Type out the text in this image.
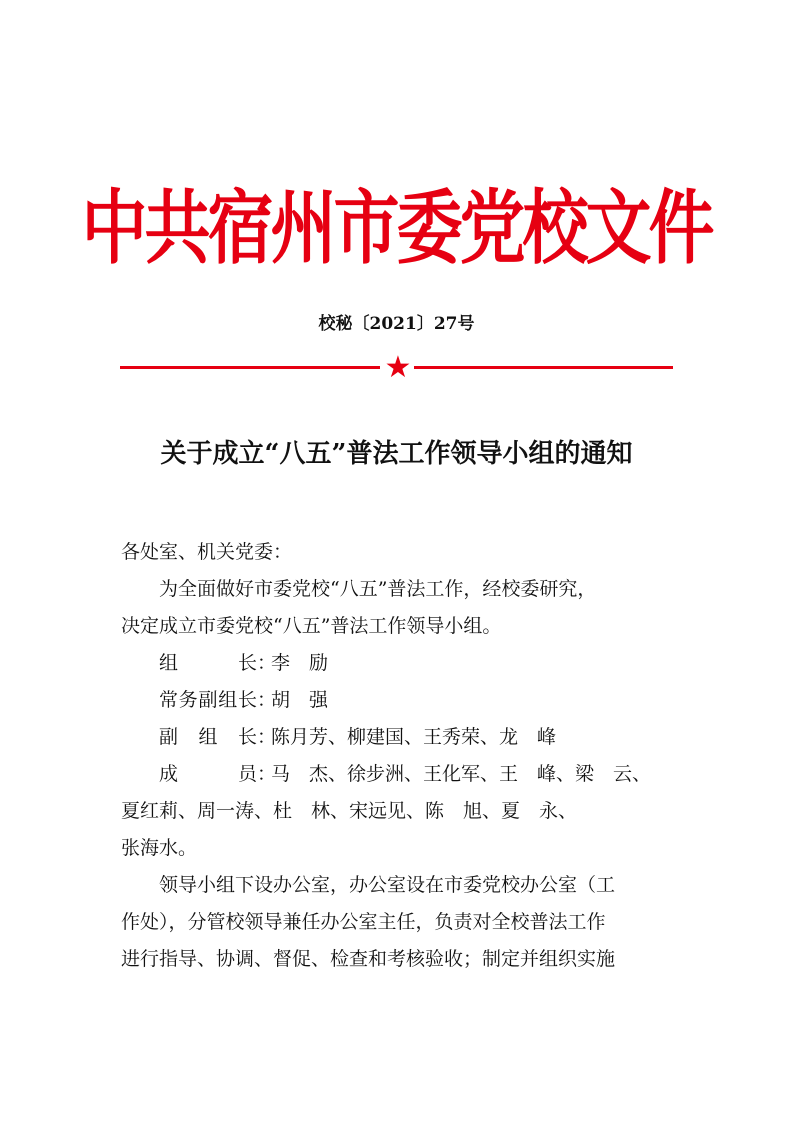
中共宿州市委党校文件
校秘〔2021〕27号
★
关于成立“八五”普法工作领导小组的通知

各处室、机关党委：

为全面做好市委党校“八五”普法工作，经校委研究，

决定成立市委党校“八五”普法工作领导小组。

组长 ：
李　励
常务副组长 ：
胡　强
副组长 ：
陈月芳、柳建国、王秀荣、龙　峰
成员 ：
马　杰、徐步洲、王化军、王　峰、梁　云、

夏红莉、周一涛、杜　林、宋远见、陈　旭、夏　永、

张海水。

领导小组下设办公室，办公室设在市委党校办公室（工

作处），分管校领导兼任办公室主任，负责对全校普法工作

进行指导、协调、督促、检查和考核验收；制定并组织实施
